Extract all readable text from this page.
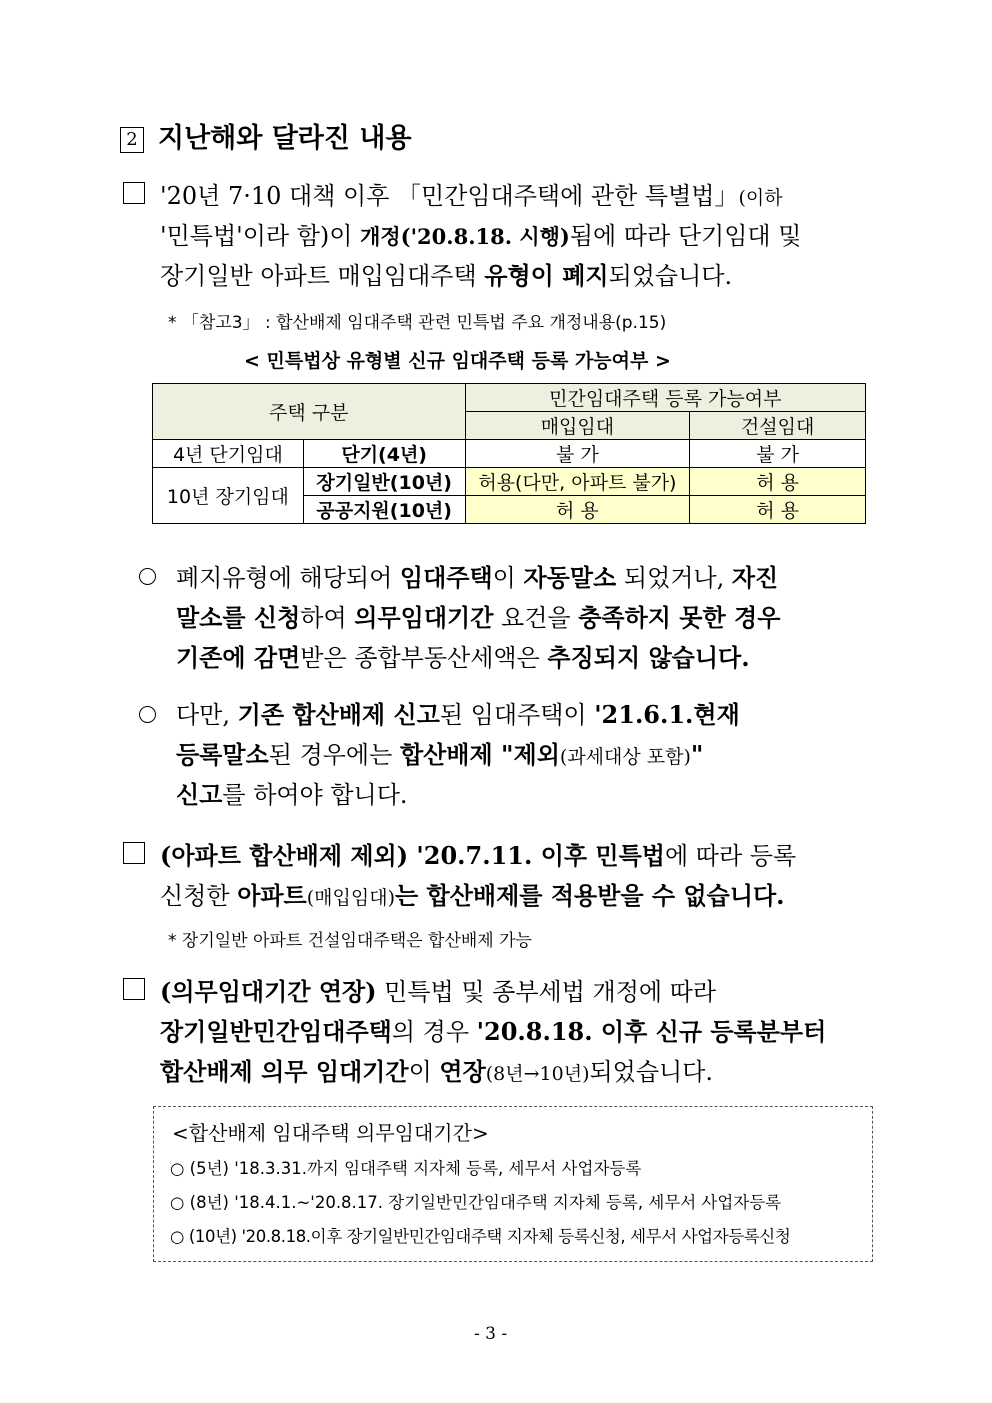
2 지난해와 달라진 내용
'20년 7·10 대책 이후 「민간임대주택에 관한 특별법」(이하
'민특법'이라 함)이 개정('20.8.18. 시행)됨에 따라 단기임대 및
장기일반 아파트 매입임대주택 유형이 폐지되었습니다.
* 「참고3」 : 합산배제 임대주택 관련 민특법 주요 개정내용(p.15)
< 민특법상 유형별 신규 임대주택 등록 가능여부 >
주택 구분		민간임대주택 등록 가능여부	
		매입임대	건설임대
4년 단기임대	단기(4년)	불 가	불 가
10년 장기임대	장기일반(10년)	허용(다만, 아파트 불가)	허 용
	공공지원(10년)	허 용	허 용
폐지유형에 해당되어 임대주택이 자동말소 되었거나, 자진
말소를 신청하여 의무임대기간 요건을 충족하지 못한 경우
기존에 감면받은 종합부동산세액은 추징되지 않습니다.
다만, 기존 합산배제 신고된 임대주택이 '21.6.1.현재
등록말소된 경우에는 합산배제 "제외(과세대상 포함)"
신고를 하여야 합니다.
(아파트 합산배제 제외) '20.7.11. 이후 민특법에 따라 등록
신청한 아파트(매입임대)는 합산배제를 적용받을 수 없습니다.
* 장기일반 아파트 건설임대주택은 합산배제 가능
(의무임대기간 연장) 민특법 및 종부세법 개정에 따라
장기일반민간임대주택의 경우 '20.8.18. 이후 신규 등록분부터
합산배제 의무 임대기간이 연장(8년→10년)되었습니다.
<합산배제 임대주택 의무임대기간>
○ (5년) '18.3.31.까지 임대주택 지자체 등록, 세무서 사업자등록
○ (8년) '18.4.1.~'20.8.17. 장기일반민간임대주택 지자체 등록, 세무서 사업자등록
○ (10년) '20.8.18.이후 장기일반민간임대주택 지자체 등록신청, 세무서 사업자등록신청
- 3 -
